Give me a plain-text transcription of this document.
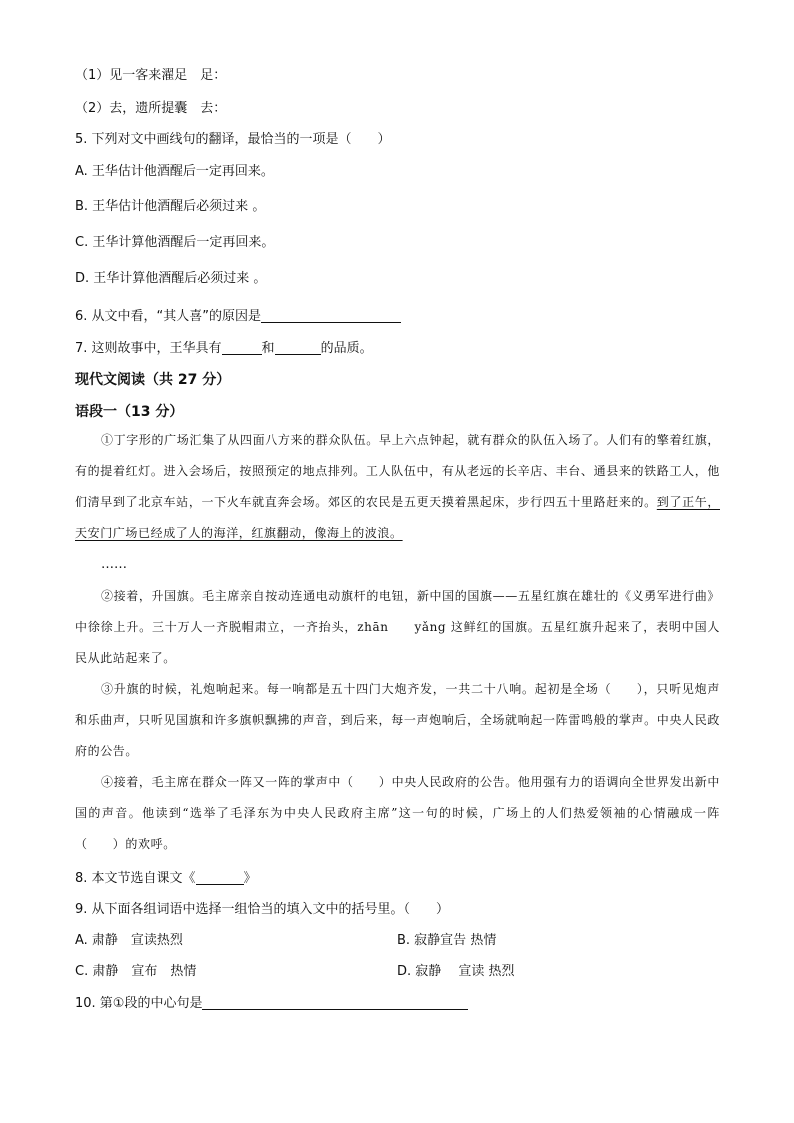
（1）见一客来濯足　足：
（2）去，遗所提囊　去：
5. 下列对文中画线句的翻译，最恰当的一项是（　　）
A. 王华估计他酒醒后一定再回来。
B. 王华估计他酒醒后必须过来 。
C. 王华计算他酒醒后一定再回来。
D. 王华计算他酒醒后必须过来 。
6. 从文中看，“其人喜”的原因是
7. 这则故事中，王华具有	和	的品质。
现代文阅读（共 27 分）
语段一（13 分）
①丁字形的广场汇集了从四面八方来的群众队伍。早上六点钟起，就有群众的队伍入场了。人们有的擎着红旗，有的提着红灯。进入会场后，按照预定的地点排列。工人队伍中，有从老远的长辛店、丰台、通县来的铁路工人，他们清早到了北京车站，一下火车就直奔会场。郊区的农民是五更天摸着黑起床，步行四五十里路赶来的。到了正午，天安门广场已经成了人的海洋，红旗翻动，像海上的波浪。
……
②接着，升国旗。毛主席亲自按动连通电动旗杆的电钮，新中国的国旗——五星红旗在雄壮的《义勇军进行曲》中徐徐上升。三十万人一齐脱帽肃立，一齐抬头，zhān　　yǎng 这鲜红的国旗。五星红旗升起来了，表明中国人民从此站起来了。
③升旗的时候，礼炮响起来。每一响都是五十四门大炮齐发，一共二十八响。起初是全场（　　），只听见炮声和乐曲声，只听见国旗和许多旗帜飘拂的声音，到后来，每一声炮响后，全场就响起一阵雷鸣般的掌声。中央人民政府的公告。
④接着，毛主席在群众一阵又一阵的掌声中（　　）中央人民政府的公告。他用强有力的语调向全世界发出新中国的声音。他读到“选举了毛泽东为中央人民政府主席”这一句的时候，广场上的人们热爱领袖的心情融成一阵（　　）的欢呼。
8. 本文节选自课文《	》
9. 从下面各组词语中选择一组恰当的填入文中的括号里。（　　）
A. 肃静　宣读热烈	B. 寂静宣告 热情
C. 肃静　宣布　热情	D. 寂静　 宣读 热烈
10. 第①段的中心句是
